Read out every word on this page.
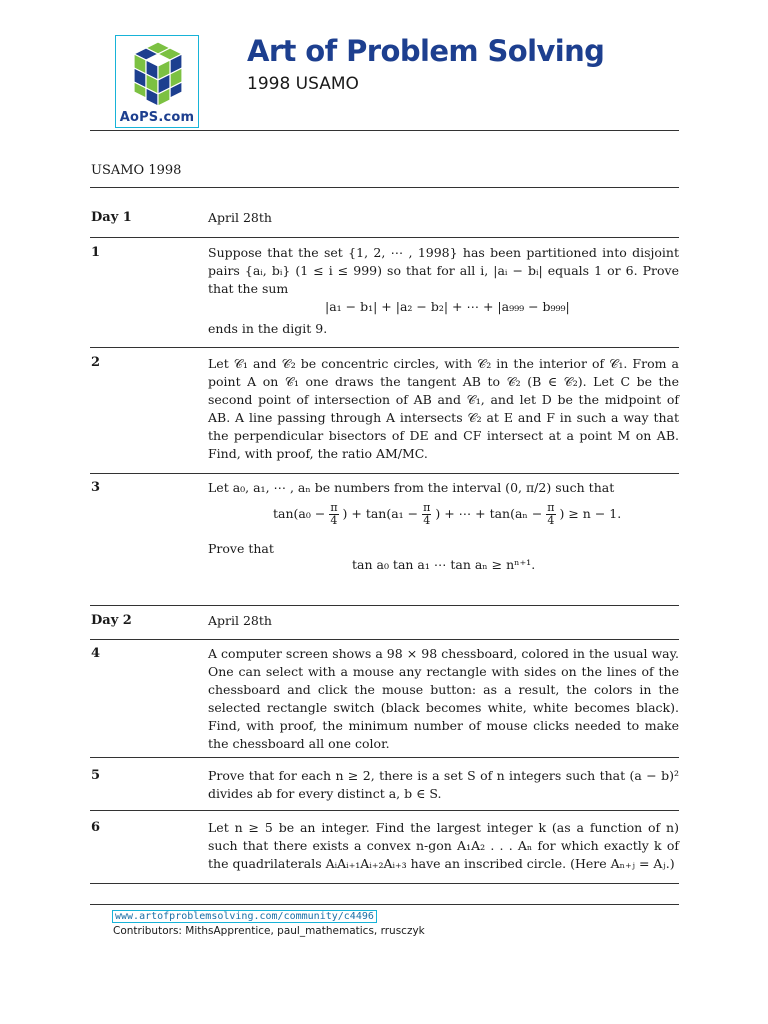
AoPS.com
Art of Problem Solving
1998 USAMO
USAMO 1998
Day 1	April 28th
1	Suppose that the set {1, 2, ⋯ , 1998} has been partitioned into disjoint pairs {aᵢ, bᵢ} (1 ≤ i ≤ 999) so that for all i, |aᵢ − bᵢ| equals 1 or 6. Prove that the sum
|a₁ − b₁| + |a₂ − b₂| + ⋯ + |a₉₉₉ − b₉₉₉|
ends in the digit 9.
2	Let 𝒞₁ and 𝒞₂ be concentric circles, with 𝒞₂ in the interior of 𝒞₁. From a point A on 𝒞₁ one draws the tangent AB to 𝒞₂ (B ∈ 𝒞₂). Let C be the second point of intersection of AB and 𝒞₁, and let D be the midpoint of AB. A line passing through A intersects 𝒞₂ at E and F in such a way that the perpendicular bisectors of DE and CF intersect at a point M on AB. Find, with proof, the ratio AM/MC.
3	Let a₀, a₁, ⋯ , aₙ be numbers from the interval (0, π/2) such that
$\tan(a_0 - \frac{\pi}{4}$ ) + $\tan(a_1 - \frac{\pi}{4}$ ) + ⋯ + $\tan(a_n - \frac{\pi}{4}$ ) ≥ n − 1.
Prove that
tan a₀ tan a₁ ⋯ tan aₙ ≥ nⁿ⁺¹.
Day 2	April 28th
4	A computer screen shows a 98 × 98 chessboard, colored in the usual way. One can select with a mouse any rectangle with sides on the lines of the chessboard and click the mouse button: as a result, the colors in the selected rectangle switch (black becomes white, white becomes black). Find, with proof, the minimum number of mouse clicks needed to make the chessboard all one color.
5	Prove that for each n ≥ 2, there is a set S of n integers such that (a − b)² divides ab for every distinct a, b ∈ S.
6	Let n ≥ 5 be an integer. Find the largest integer k (as a function of n) such that there exists a convex n-gon A₁A₂ . . . Aₙ for which exactly k of the quadrilaterals AᵢAᵢ₊₁Aᵢ₊₂Aᵢ₊₃ have an inscribed circle. (Here Aₙ₊ⱼ = Aⱼ.)
www.artofproblemsolving.com/community/c4496
Contributors: MithsApprentice, paul_mathematics, rrusczyk
